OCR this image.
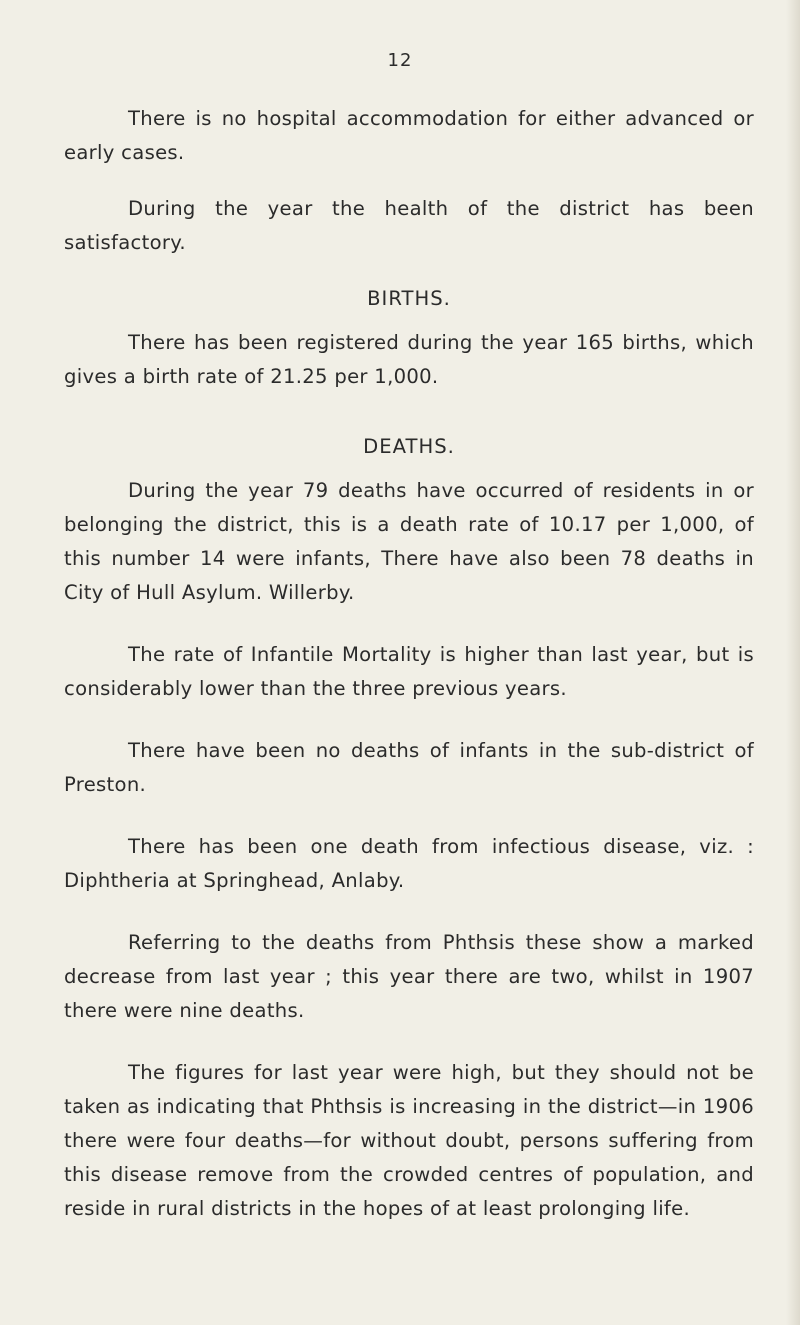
12

There is no hospital accommodation for either advanced or early cases.

During the year the health of the district has been satisfactory.

BIRTHS.

There has been registered during the year 165 births, which gives a birth rate of 21.25 per 1,000.

DEATHS.

During the year 79 deaths have occurred of residents in or belonging the district, this is a death rate of 10.17 per 1,000, of this number 14 were infants, There have also been 78 deaths in City of Hull Asylum. Willerby.

The rate of Infantile Mortality is higher than last year, but is considerably lower than the three previous years.

There have been no deaths of infants in the sub-district of Preston.

There has been one death from infectious disease, viz. : Diphtheria at Springhead, Anlaby.

Referring to the deaths from Phthsis these show a marked decrease from last year ; this year there are two, whilst in 1907 there were nine deaths.

The figures for last year were high, but they should not be taken as indicating that Phthsis is increasing in the district—in 1906 there were four deaths—for without doubt, persons suffering from this disease remove from the crowded centres of population, and reside in rural districts in the hopes of at least prolonging life.
